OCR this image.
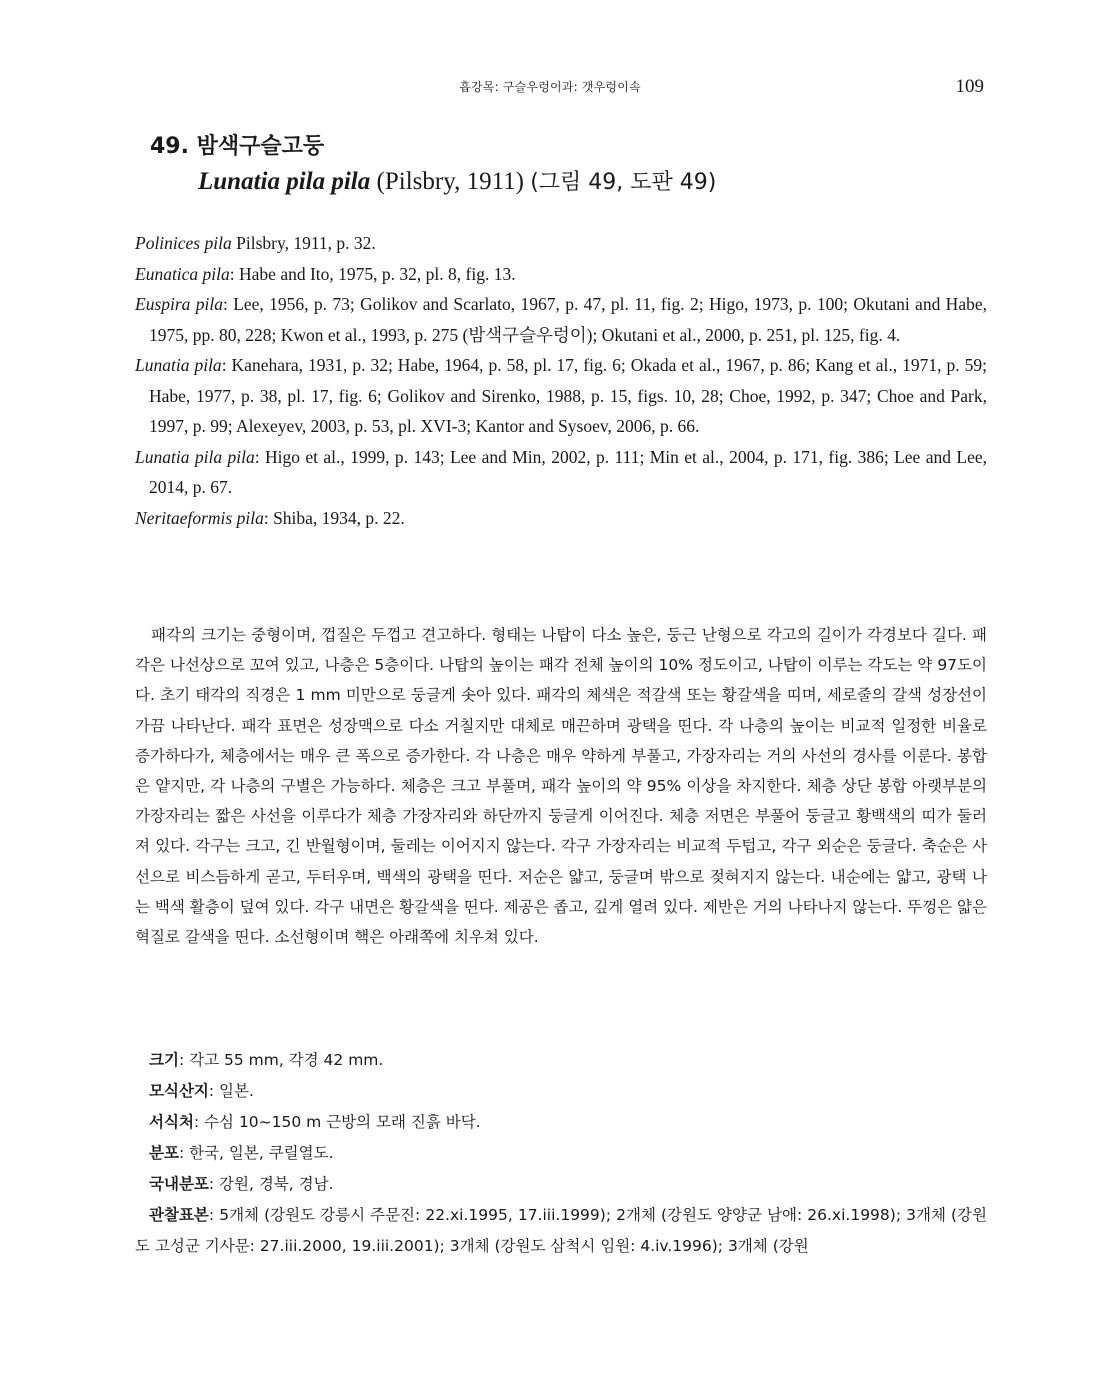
흡강목: 구슬우렁이과: 갯우렁이속	109
49. 밤색구슬고둥
Lunatia pila pila (Pilsbry, 1911) (그림 49, 도판 49)
Polinices pila Pilsbry, 1911, p. 32.
Eunatica pila: Habe and Ito, 1975, p. 32, pl. 8, fig. 13.
Euspira pila: Lee, 1956, p. 73; Golikov and Scarlato, 1967, p. 47, pl. 11, fig. 2; Higo, 1973, p. 100; Okutani and Habe, 1975, pp. 80, 228; Kwon et al., 1993, p. 275 (밤색구슬우렁이); Okutani et al., 2000, p. 251, pl. 125, fig. 4.
Lunatia pila: Kanehara, 1931, p. 32; Habe, 1964, p. 58, pl. 17, fig. 6; Okada et al., 1967, p. 86; Kang et al., 1971, p. 59; Habe, 1977, p. 38, pl. 17, fig. 6; Golikov and Sirenko, 1988, p. 15, figs. 10, 28; Choe, 1992, p. 347; Choe and Park, 1997, p. 99; Alexeyev, 2003, p. 53, pl. XVI-3; Kantor and Sysoev, 2006, p. 66.
Lunatia pila pila: Higo et al., 1999, p. 143; Lee and Min, 2002, p. 111; Min et al., 2004, p. 171, fig. 386; Lee and Lee, 2014, p. 67.
Neritaeformis pila: Shiba, 1934, p. 22.

패각의 크기는 중형이며, 껍질은 두껍고 견고하다. 형태는 나탑이 다소 높은, 둥근 난형으로 각고의 길이가 각경보다 길다. 패각은 나선상으로 꼬여 있고, 나층은 5층이다. 나탑의 높이는 패각 전체 높이의 10% 정도이고, 나탑이 이루는 각도는 약 97도이다. 초기 태각의 직경은 1 mm 미만으로 둥글게 솟아 있다. 패각의 체색은 적갈색 또는 황갈색을 띠며, 세로줄의 갈색 성장선이 가끔 나타난다. 패각 표면은 성장맥으로 다소 거칠지만 대체로 매끈하며 광택을 띤다. 각 나층의 높이는 비교적 일정한 비율로 증가하다가, 체층에서는 매우 큰 폭으로 증가한다. 각 나층은 매우 약하게 부풀고, 가장자리는 거의 사선의 경사를 이룬다. 봉합은 얕지만, 각 나층의 구별은 가능하다. 체층은 크고 부풀며, 패각 높이의 약 95% 이상을 차지한다. 체층 상단 봉합 아랫부분의 가장자리는 짧은 사선을 이루다가 체층 가장자리와 하단까지 둥글게 이어진다. 체층 저면은 부풀어 둥글고 황백색의 띠가 둘러져 있다. 각구는 크고, 긴 반월형이며, 둘레는 이어지지 않는다. 각구 가장자리는 비교적 두텁고, 각구 외순은 둥글다. 축순은 사선으로 비스듬하게 곧고, 두터우며, 백색의 광택을 띤다. 저순은 얇고, 둥글며 밖으로 젖혀지지 않는다. 내순에는 얇고, 광택 나는 백색 활층이 덮여 있다. 각구 내면은 황갈색을 띤다. 제공은 좁고, 깊게 열려 있다. 제반은 거의 나타나지 않는다. 뚜껑은 얇은 혁질로 갈색을 띤다. 소선형이며 핵은 아래쪽에 치우쳐 있다.

크기: 각고 55 mm, 각경 42 mm.
모식산지: 일본.
서식처: 수심 10~150 m 근방의 모래 진흙 바닥.
분포: 한국, 일본, 쿠릴열도.
국내분포: 강원, 경북, 경남.
관찰표본: 5개체 (강원도 강릉시 주문진: 22.xi.1995, 17.iii.1999); 2개체 (강원도 양양군 남애: 26.xi.1998); 3개체 (강원도 고성군 기사문: 27.iii.2000, 19.iii.2001); 3개체 (강원도 삼척시 임원: 4.iv.1996); 3개체 (강원
